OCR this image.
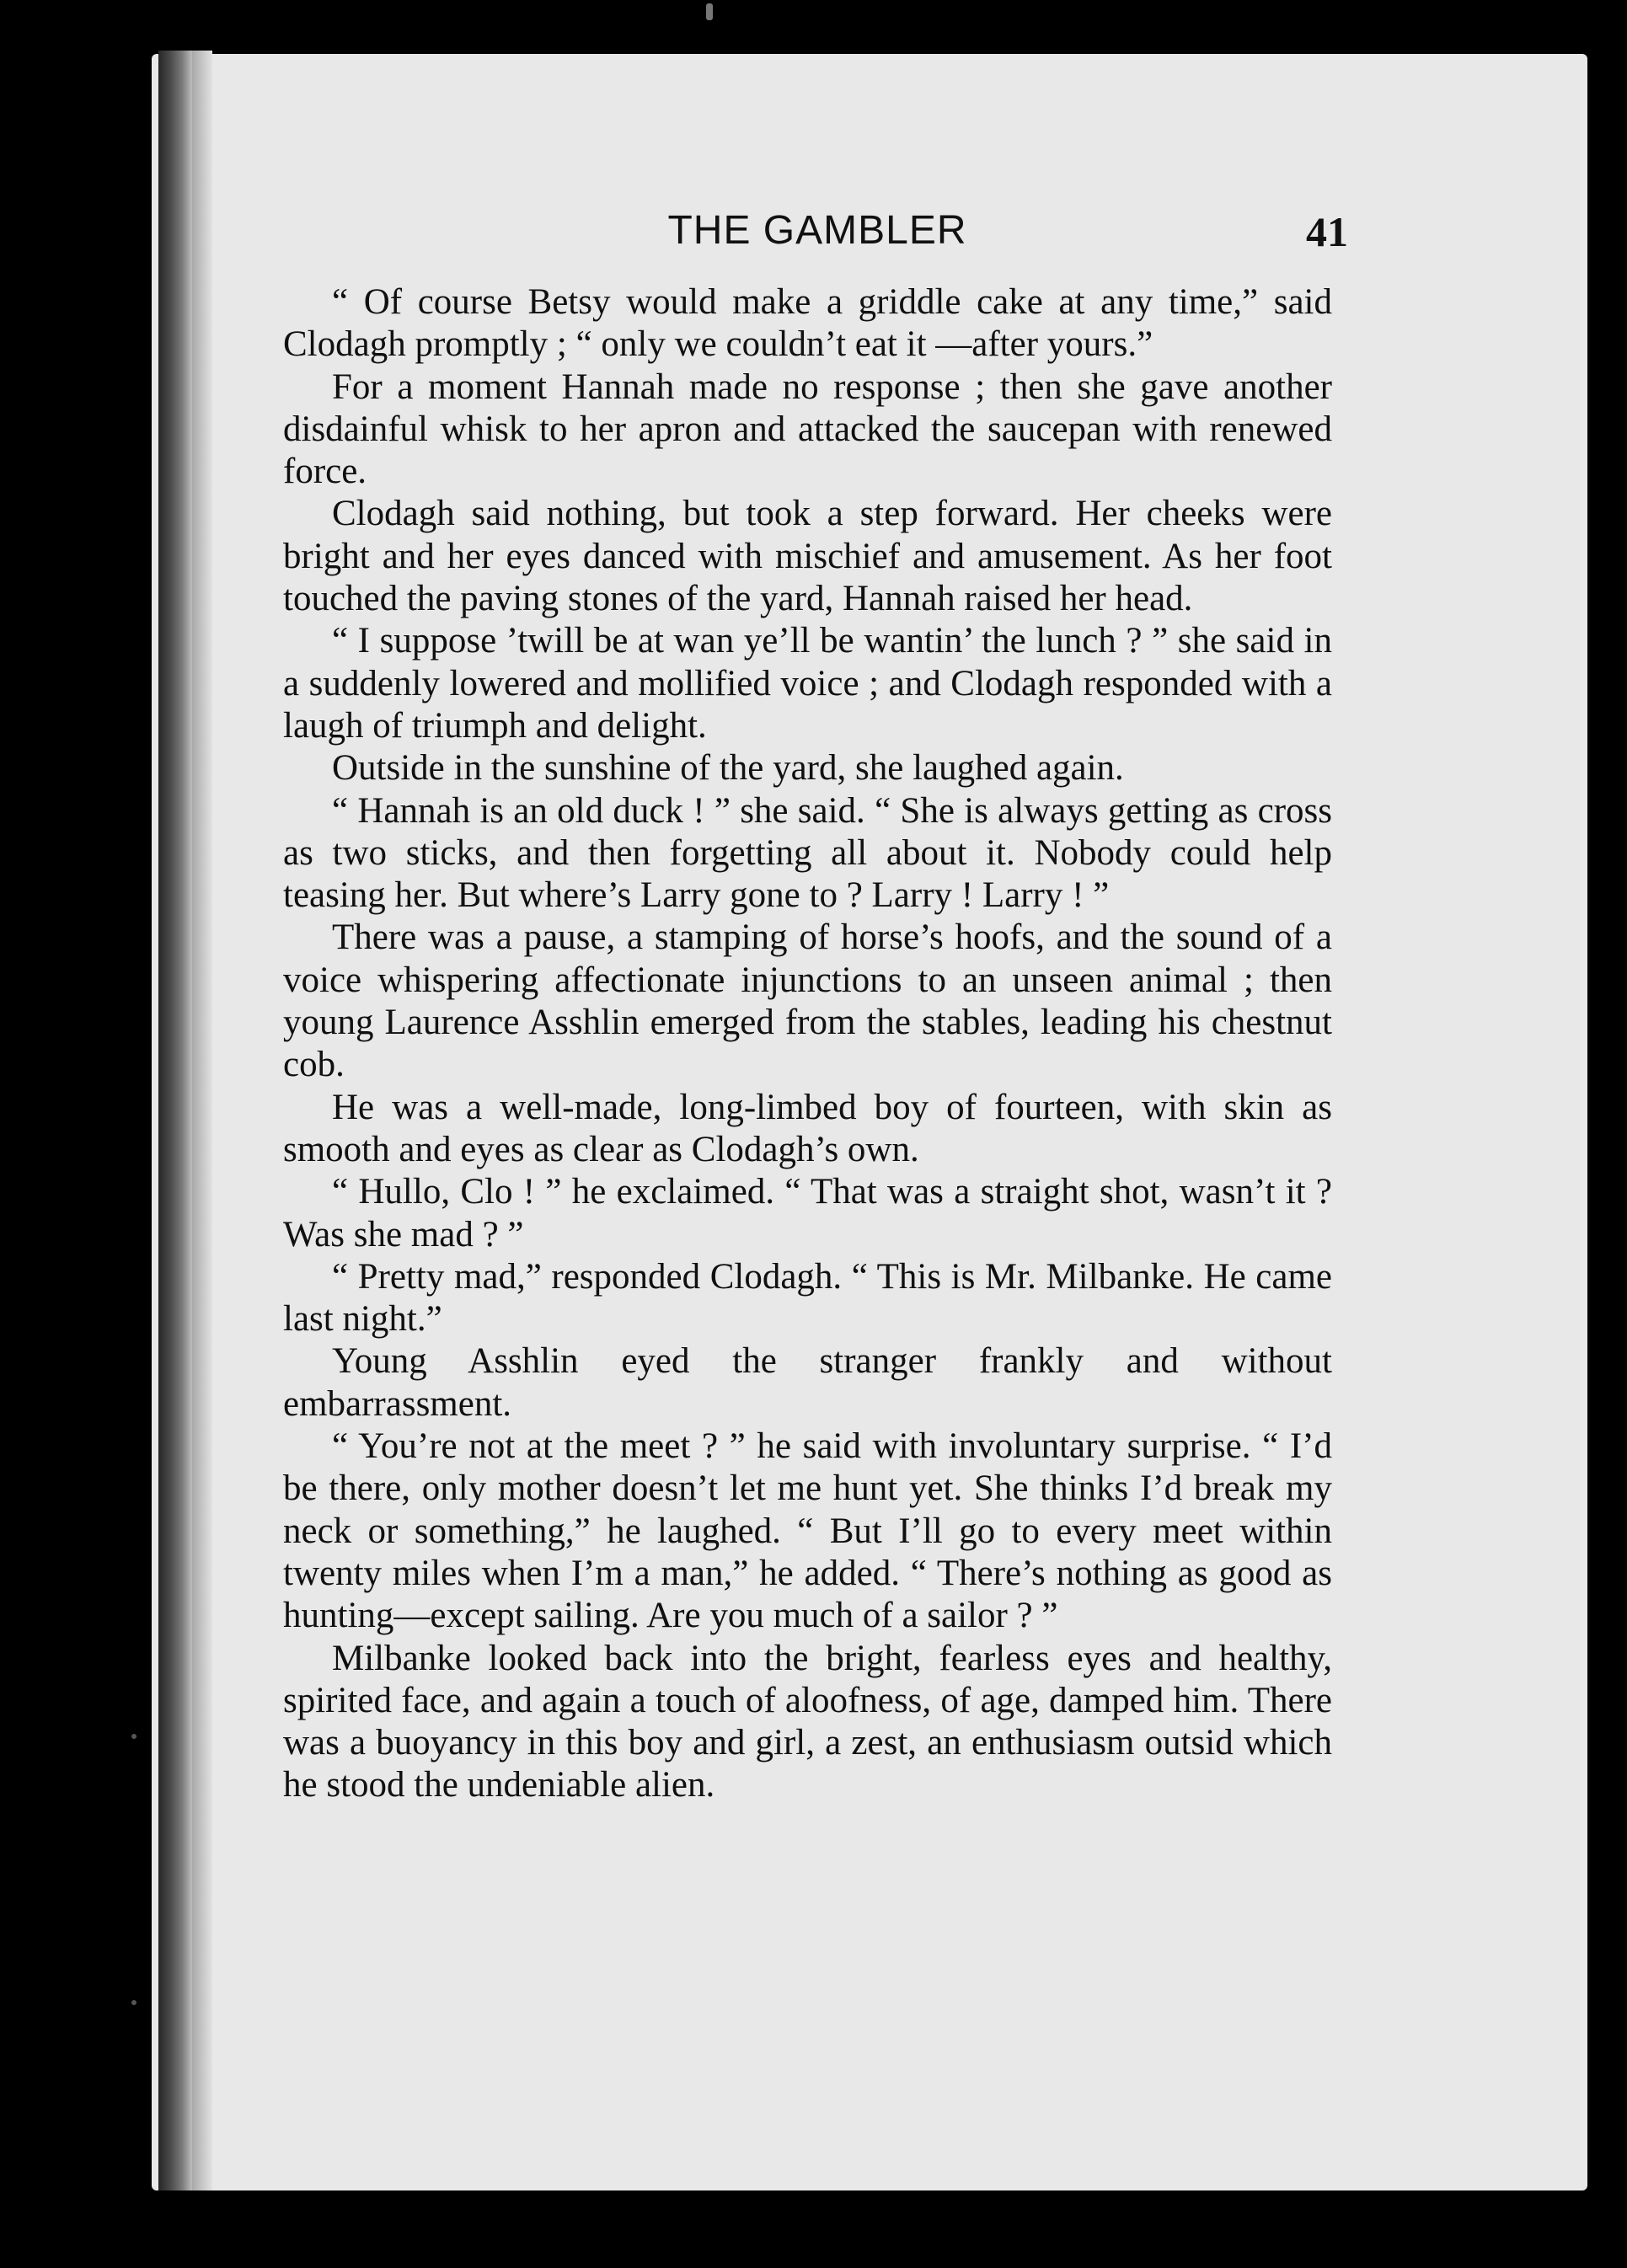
THE GAMBLER	41

“ Of course Betsy would make a griddle cake at any time,” said Clodagh promptly ; “ only we couldn’t eat it —after yours.”

For a moment Hannah made no response ; then she gave another disdainful whisk to her apron and attacked the saucepan with renewed force.

Clodagh said nothing, but took a step forward. Her cheeks were bright and her eyes danced with mischief and amusement. As her foot touched the paving stones of the yard, Hannah raised her head.

“ I suppose ’twill be at wan ye’ll be wantin’ the lunch ? ” she said in a suddenly lowered and mollified voice ; and Clodagh responded with a laugh of triumph and delight.

Outside in the sunshine of the yard, she laughed again.

“ Hannah is an old duck ! ” she said. “ She is always getting as cross as two sticks, and then forgetting all about it. Nobody could help teasing her. But where’s Larry gone to ? Larry ! Larry ! ”

There was a pause, a stamping of horse’s hoofs, and the sound of a voice whispering affectionate injunctions to an unseen animal ; then young Laurence Asshlin emerged from the stables, leading his chestnut cob.

He was a well-made, long-limbed boy of fourteen, with skin as smooth and eyes as clear as Clodagh’s own.

“ Hullo, Clo ! ” he exclaimed. “ That was a straight shot, wasn’t it ? Was she mad ? ”

“ Pretty mad,” responded Clodagh. “ This is Mr. Milbanke. He came last night.”

Young Asshlin eyed the stranger frankly and without embarrassment.

“ You’re not at the meet ? ” he said with involuntary surprise. “ I’d be there, only mother doesn’t let me hunt yet. She thinks I’d break my neck or something,” he laughed. “ But I’ll go to every meet within twenty miles when I’m a man,” he added. “ There’s nothing as good as hunting—except sailing. Are you much of a sailor ? ”

Milbanke looked back into the bright, fearless eyes and healthy, spirited face, and again a touch of aloofness, of age, damped him. There was a buoyancy in this boy and girl, a zest, an enthusiasm outsid which he stood the undeniable alien.
